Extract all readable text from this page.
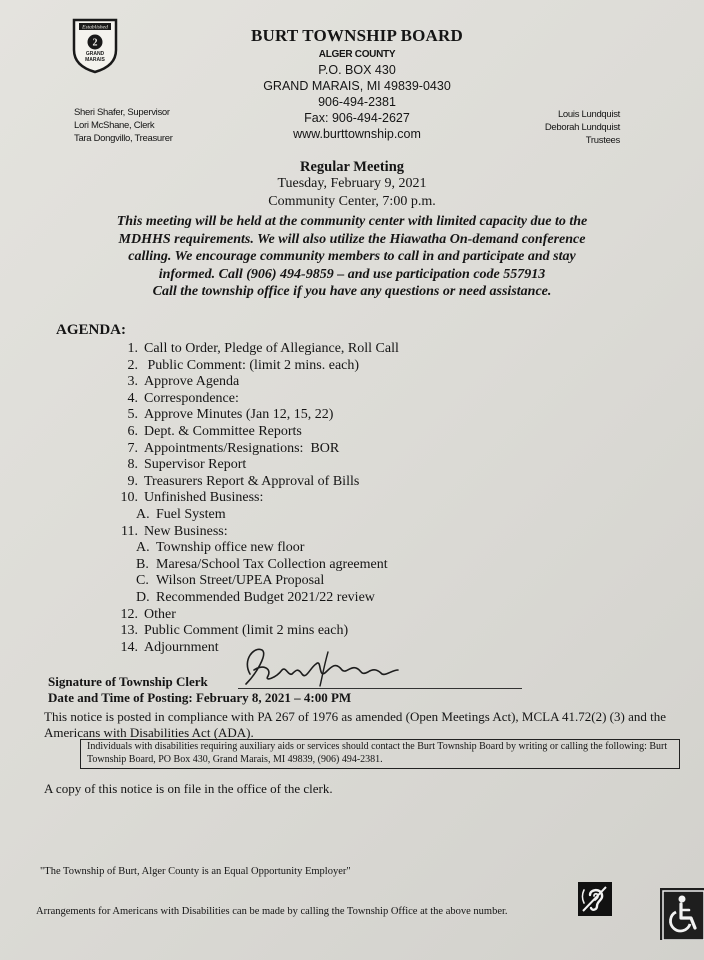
Established
2
GRAND
MARAIS
BURT TOWNSHIP BOARD
ALGER COUNTY
P.O. BOX 430
GRAND MARAIS, MI 49839-0430
906-494-2381
Fax: 906-494-2627
www.burttownship.com
Sheri Shafer, Supervisor
Lori McShane, Clerk
Tara Dongvillo, Treasurer
Louis Lundquist
Deborah Lundquist
Trustees
Regular Meeting
Tuesday, February 9, 2021
Community Center, 7:00 p.m.
This meeting will be held at the community center with limited capacity due to the
MDHHS requirements. We will also utilize the Hiawatha On-demand conference
calling. We encourage community members to call in and participate and stay
informed. Call (906) 494-9859 – and use participation code 557913
Call the township office if you have any questions or need assistance.
AGENDA:
1. Call to Order, Pledge of Allegiance, Roll Call
2. Public Comment: (limit 2 mins. each)
3. Approve Agenda
4. Correspondence:
5. Approve Minutes (Jan 12, 15, 22)
6. Dept. & Committee Reports
7. Appointments/Resignations:  BOR
8. Supervisor Report
9. Treasurers Report & Approval of Bills
10. Unfinished Business:
A. Fuel System
11. New Business:
A. Township office new floor
B. Maresa/School Tax Collection agreement
C. Wilson Street/UPEA Proposal
D. Recommended Budget 2021/22 review
12. Other
13. Public Comment (limit 2 mins each)
14. Adjournment
Signature of Township Clerk
Date and Time of Posting: February 8, 2021 – 4:00 PM
This notice is posted in compliance with PA 267 of 1976 as amended (Open Meetings Act), MCLA 41.72(2) (3) and the Americans with Disabilities Act (ADA).
Individuals with disabilities requiring auxiliary aids or services should contact the Burt Township Board by writing or calling the following: Burt Township Board, PO Box 430, Grand Marais, MI 49839, (906) 494-2381.
A copy of this notice is on file in the office of the clerk.
"The Township of Burt, Alger County is an Equal Opportunity Employer"
Arrangements for Americans with Disabilities can be made by calling the Township Office at the above number.
